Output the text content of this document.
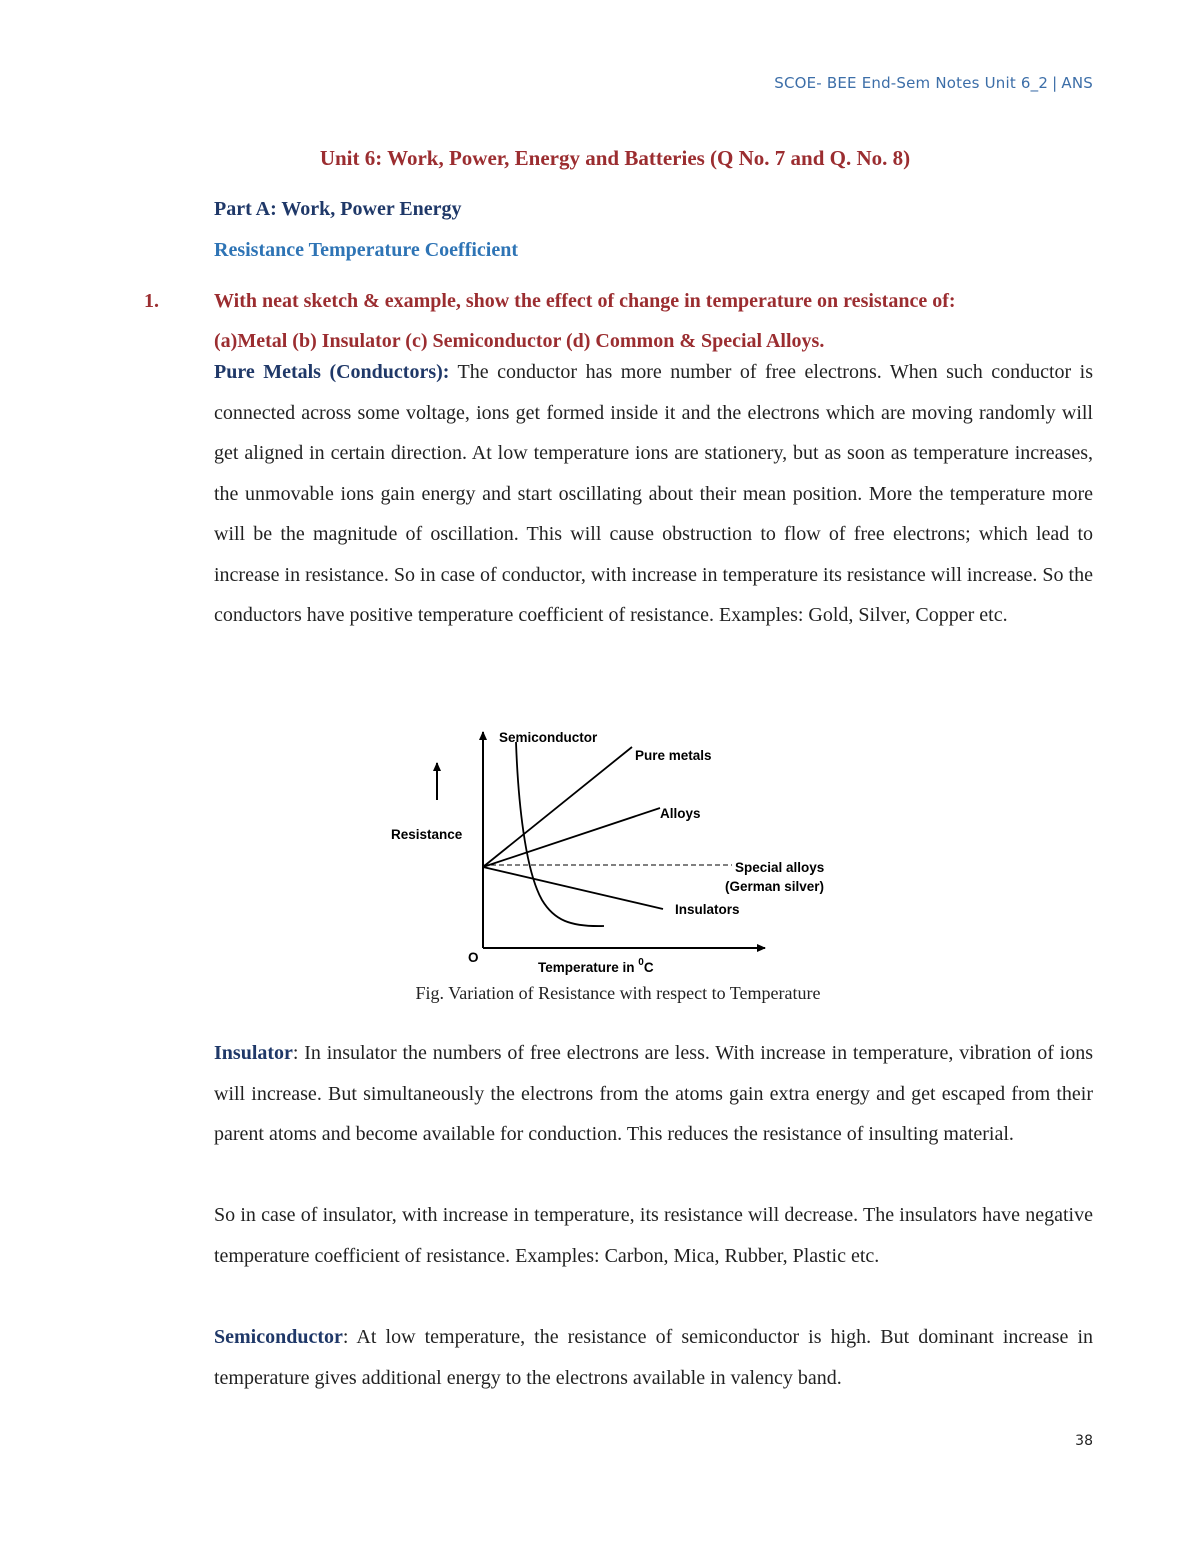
SCOE- BEE End-Sem Notes Unit 6_2 | ANS
Unit 6: Work, Power, Energy and Batteries (Q No. 7 and Q. No. 8)
Part A: Work, Power Energy
Resistance Temperature Coefficient
1.	With neat sketch & example, show the effect of change in temperature on resistance of:
(a)Metal (b) Insulator (c) Semiconductor (d) Common & Special Alloys.
Pure Metals (Conductors): The conductor has more number of free electrons. When such conductor is connected across some voltage, ions get formed inside it and the electrons which are moving randomly will get aligned in certain direction. At low temperature ions are stationery, but as soon as temperature increases, the unmovable ions gain energy and start oscillating about their mean position. More the temperature more will be the magnitude of oscillation. This will cause obstruction to flow of free electrons; which lead to increase in resistance. So in case of conductor, with increase in temperature its resistance will increase. So the conductors have positive temperature coefficient of resistance. Examples: Gold, Silver, Copper etc.
Semiconductor
Pure metals
Alloys
Special alloys
(German silver)
Insulators
Resistance
O
Temperature in $^0$C
Fig. Variation of Resistance with respect to Temperature
Insulator: In insulator the numbers of free electrons are less. With increase in temperature, vibration of ions will increase. But simultaneously the electrons from the atoms gain extra energy and get escaped from their parent atoms and become available for conduction. This reduces the resistance of insulting material.
So in case of insulator, with increase in temperature, its resistance will decrease. The insulators have negative temperature coefficient of resistance. Examples: Carbon, Mica, Rubber, Plastic etc.
Semiconductor: At low temperature, the resistance of semiconductor is high. But dominant increase in temperature gives additional energy to the electrons available in valency band.
38
